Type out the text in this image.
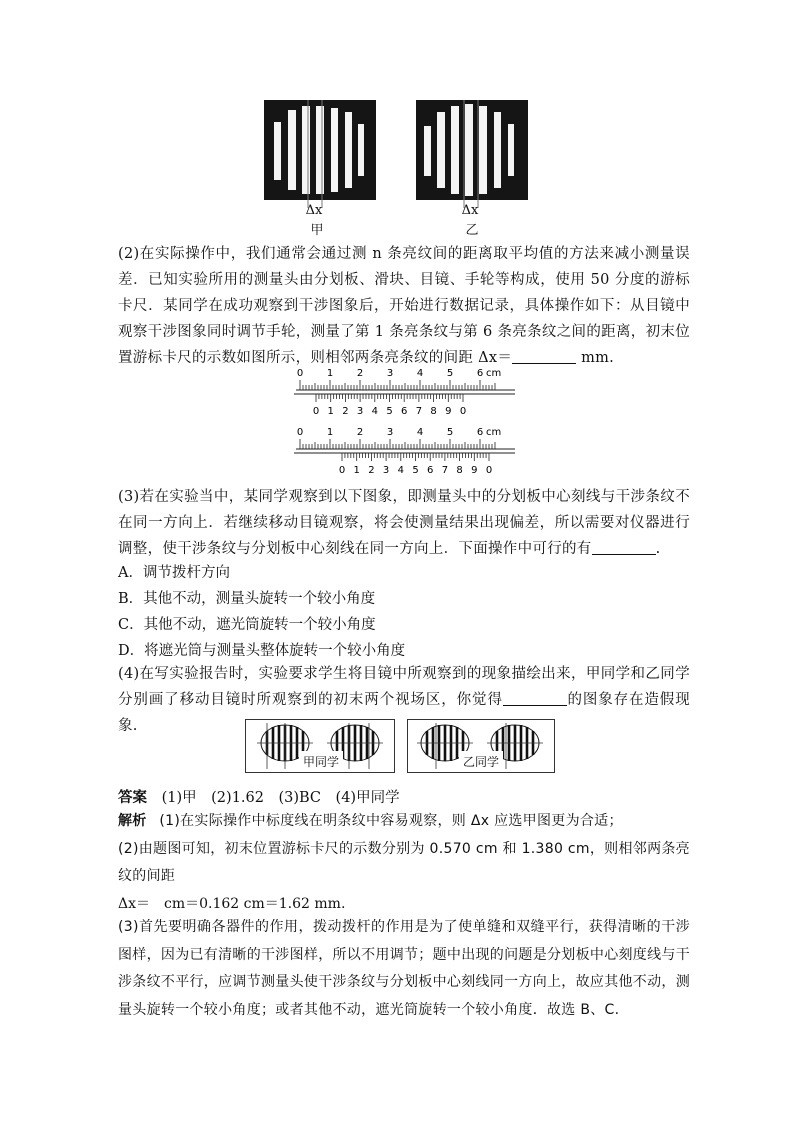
Δx
甲
Δx
乙
(2)在实际操作中，我们通常会通过测 n 条亮纹间的距离取平均值的方法来减小测量误差．已知实验所用的测量头由分划板、滑块、目镜、手轮等构成，使用 50 分度的游标卡尺．某同学在成功观察到干涉图象后，开始进行数据记录，具体操作如下：从目镜中观察干涉图象同时调节手轮，测量了第 1 条亮条纹与第 6 条亮条纹之间的距离，初末位置游标卡尺的示数如图所示，则相邻两条亮条纹的间距 Δx＝	mm.
0 1 2 3 4 5 6 cm
0 1 2 3 4 5 6 7 8 9 0
0 1 2 3 4 5 6 cm
0 1 2 3 4 5 6 7 8 9 0
(3)若在实验当中，某同学观察到以下图象，即测量头中的分划板中心刻线与干涉条纹不在同一方向上．若继续移动目镜观察，将会使测量结果出现偏差，所以需要对仪器进行调整，使干涉条纹与分划板中心刻线在同一方向上．下面操作中可行的有	.
A．调节拨杆方向
B．其他不动，测量头旋转一个较小角度
C．其他不动，遮光筒旋转一个较小角度
D．将遮光筒与测量头整体旋转一个较小角度
(4)在写实验报告时，实验要求学生将目镜中所观察到的现象描绘出来，甲同学和乙同学分别画了移动目镜时所观察到的初末两个视场区，你觉得	的图象存在造假现象.
甲同学	乙同学
答案 (1)甲　(2)1.62　(3)BC　(4)甲同学
解析 (1)在实际操作中标度线在明条纹中容易观察，则 Δx 应选甲图更为合适；
(2)由题图可知，初末位置游标卡尺的示数分别为 0.570 cm 和 1.380 cm，则相邻两条亮纹的间距
Δx＝　cm＝0.162 cm＝1.62 mm.
(3)首先要明确各器件的作用，拨动拨杆的作用是为了使单缝和双缝平行，获得清晰的干涉图样，因为已有清晰的干涉图样，所以不用调节；题中出现的问题是分划板中心刻度线与干涉条纹不平行，应调节测量头使干涉条纹与分划板中心刻线同一方向上，故应其他不动，测量头旋转一个较小角度；或者其他不动，遮光筒旋转一个较小角度．故选 B、C.
